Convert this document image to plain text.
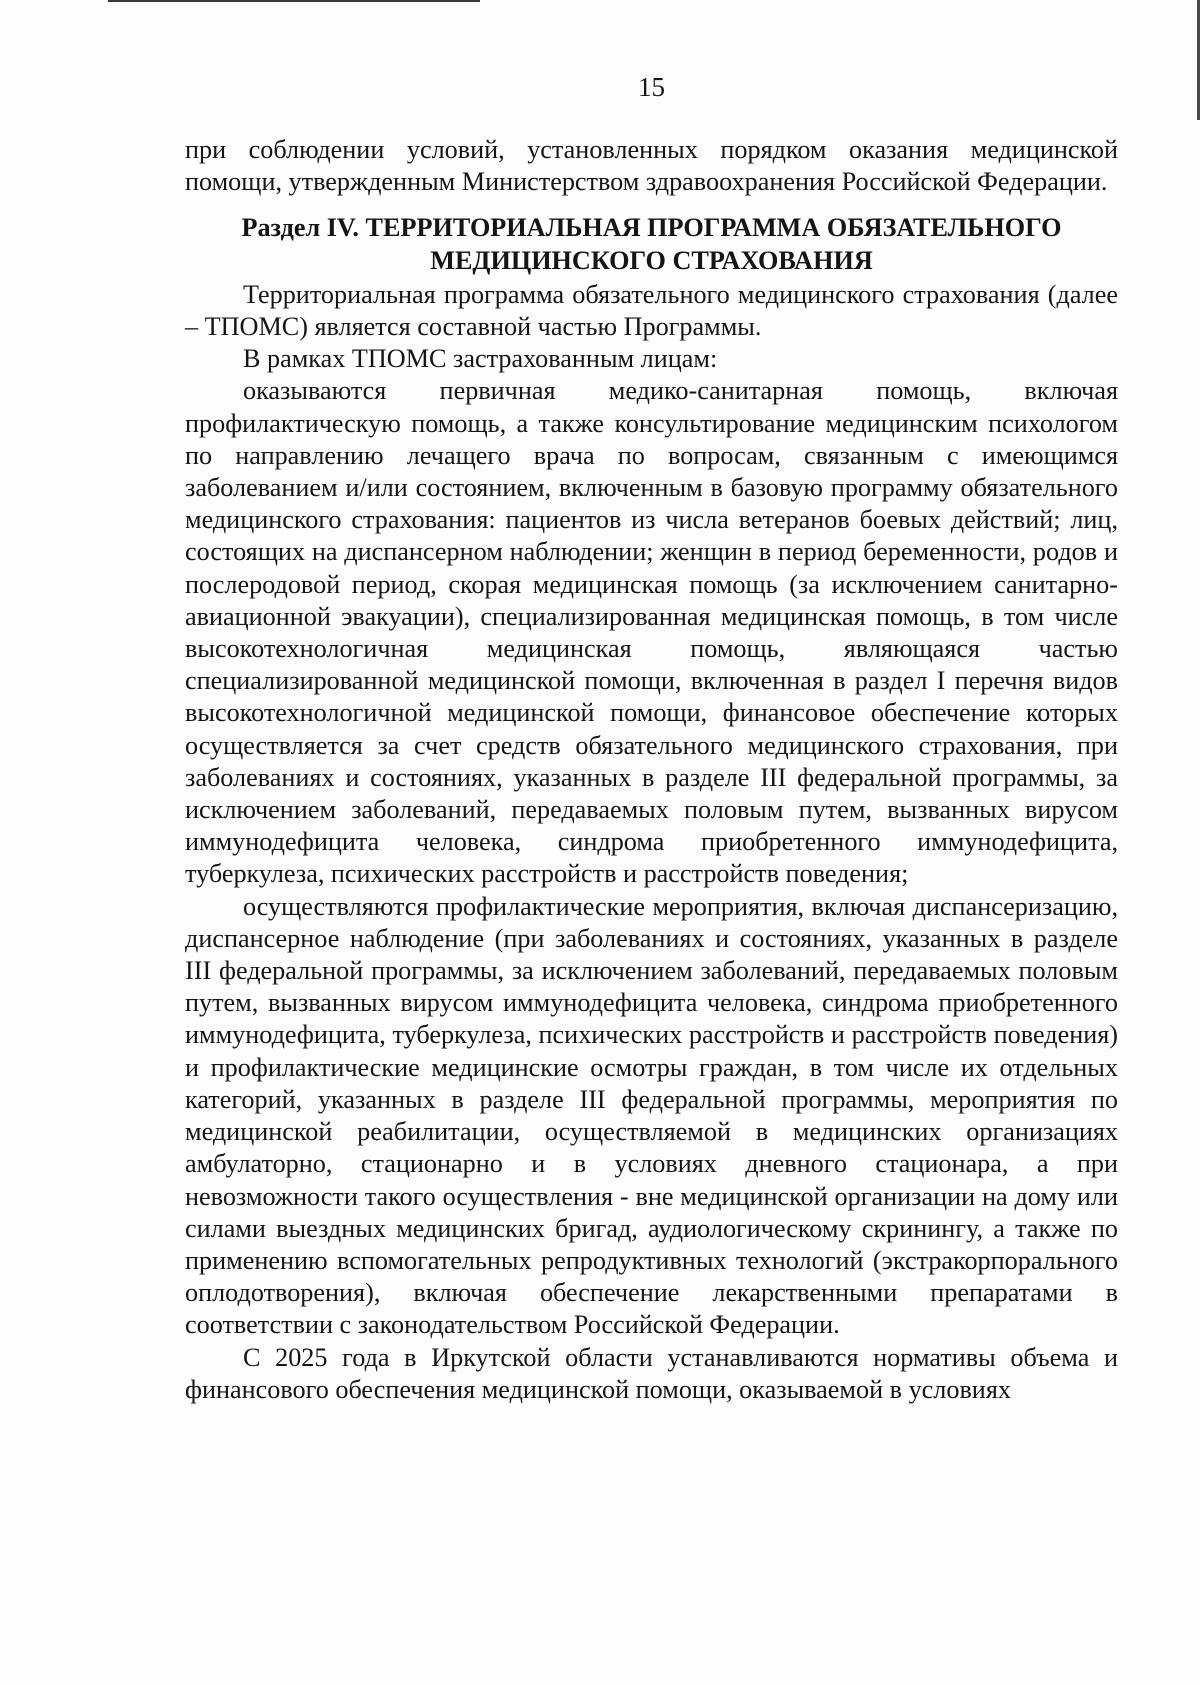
15

при соблюдении условий, установленных порядком оказания медицинской помощи, утвержденным Министерством здравоохранения Российской Федерации.

Раздел IV. ТЕРРИТОРИАЛЬНАЯ ПРОГРАММА ОБЯЗАТЕЛЬНОГО
МЕДИЦИНСКОГО СТРАХОВАНИЯ

Территориальная программа обязательного медицинского страхования (далее – ТПОМС) является составной частью Программы.

В рамках ТПОМС застрахованным лицам:

оказываются первичная медико-санитарная помощь, включая профилактическую помощь, а также консультирование медицинским психологом по направлению лечащего врача по вопросам, связанным с имеющимся заболеванием и/или состоянием, включенным в базовую программу обязательного медицинского страхования: пациентов из числа ветеранов боевых действий; лиц, состоящих на диспансерном наблюдении; женщин в период беременности, родов и послеродовой период, скорая медицинская помощь (за исключением санитарно-авиационной эвакуации), специализированная медицинская помощь, в том числе высокотехнологичная медицинская помощь, являющаяся частью специализированной медицинской помощи, включенная в раздел I перечня видов высокотехнологичной медицинской помощи, финансовое обеспечение которых осуществляется за счет средств обязательного медицинского страхования, при заболеваниях и состояниях, указанных в разделе III федеральной программы, за исключением заболеваний, передаваемых половым путем, вызванных вирусом иммунодефицита человека, синдрома приобретенного иммунодефицита, туберкулеза, психических расстройств и расстройств поведения;

осуществляются профилактические мероприятия, включая диспансеризацию, диспансерное наблюдение (при заболеваниях и состояниях, указанных в разделе III федеральной программы, за исключением заболеваний, передаваемых половым путем, вызванных вирусом иммунодефицита человека, синдрома приобретенного иммунодефицита, туберкулеза, психических расстройств и расстройств поведения) и профилактические медицинские осмотры граждан, в том числе их отдельных категорий, указанных в разделе III федеральной программы, мероприятия по медицинской реабилитации, осуществляемой в медицинских организациях амбулаторно, стационарно и в условиях дневного стационара, а при невозможности такого осуществления - вне медицинской организации на дому или силами выездных медицинских бригад, аудиологическому скринингу, а также по применению вспомогательных репродуктивных технологий (экстракорпорального оплодотворения), включая обеспечение лекарственными препаратами в соответствии с законодательством Российской Федерации.

С 2025 года в Иркутской области устанавливаются нормативы объема и финансового обеспечения медицинской помощи, оказываемой в условиях
